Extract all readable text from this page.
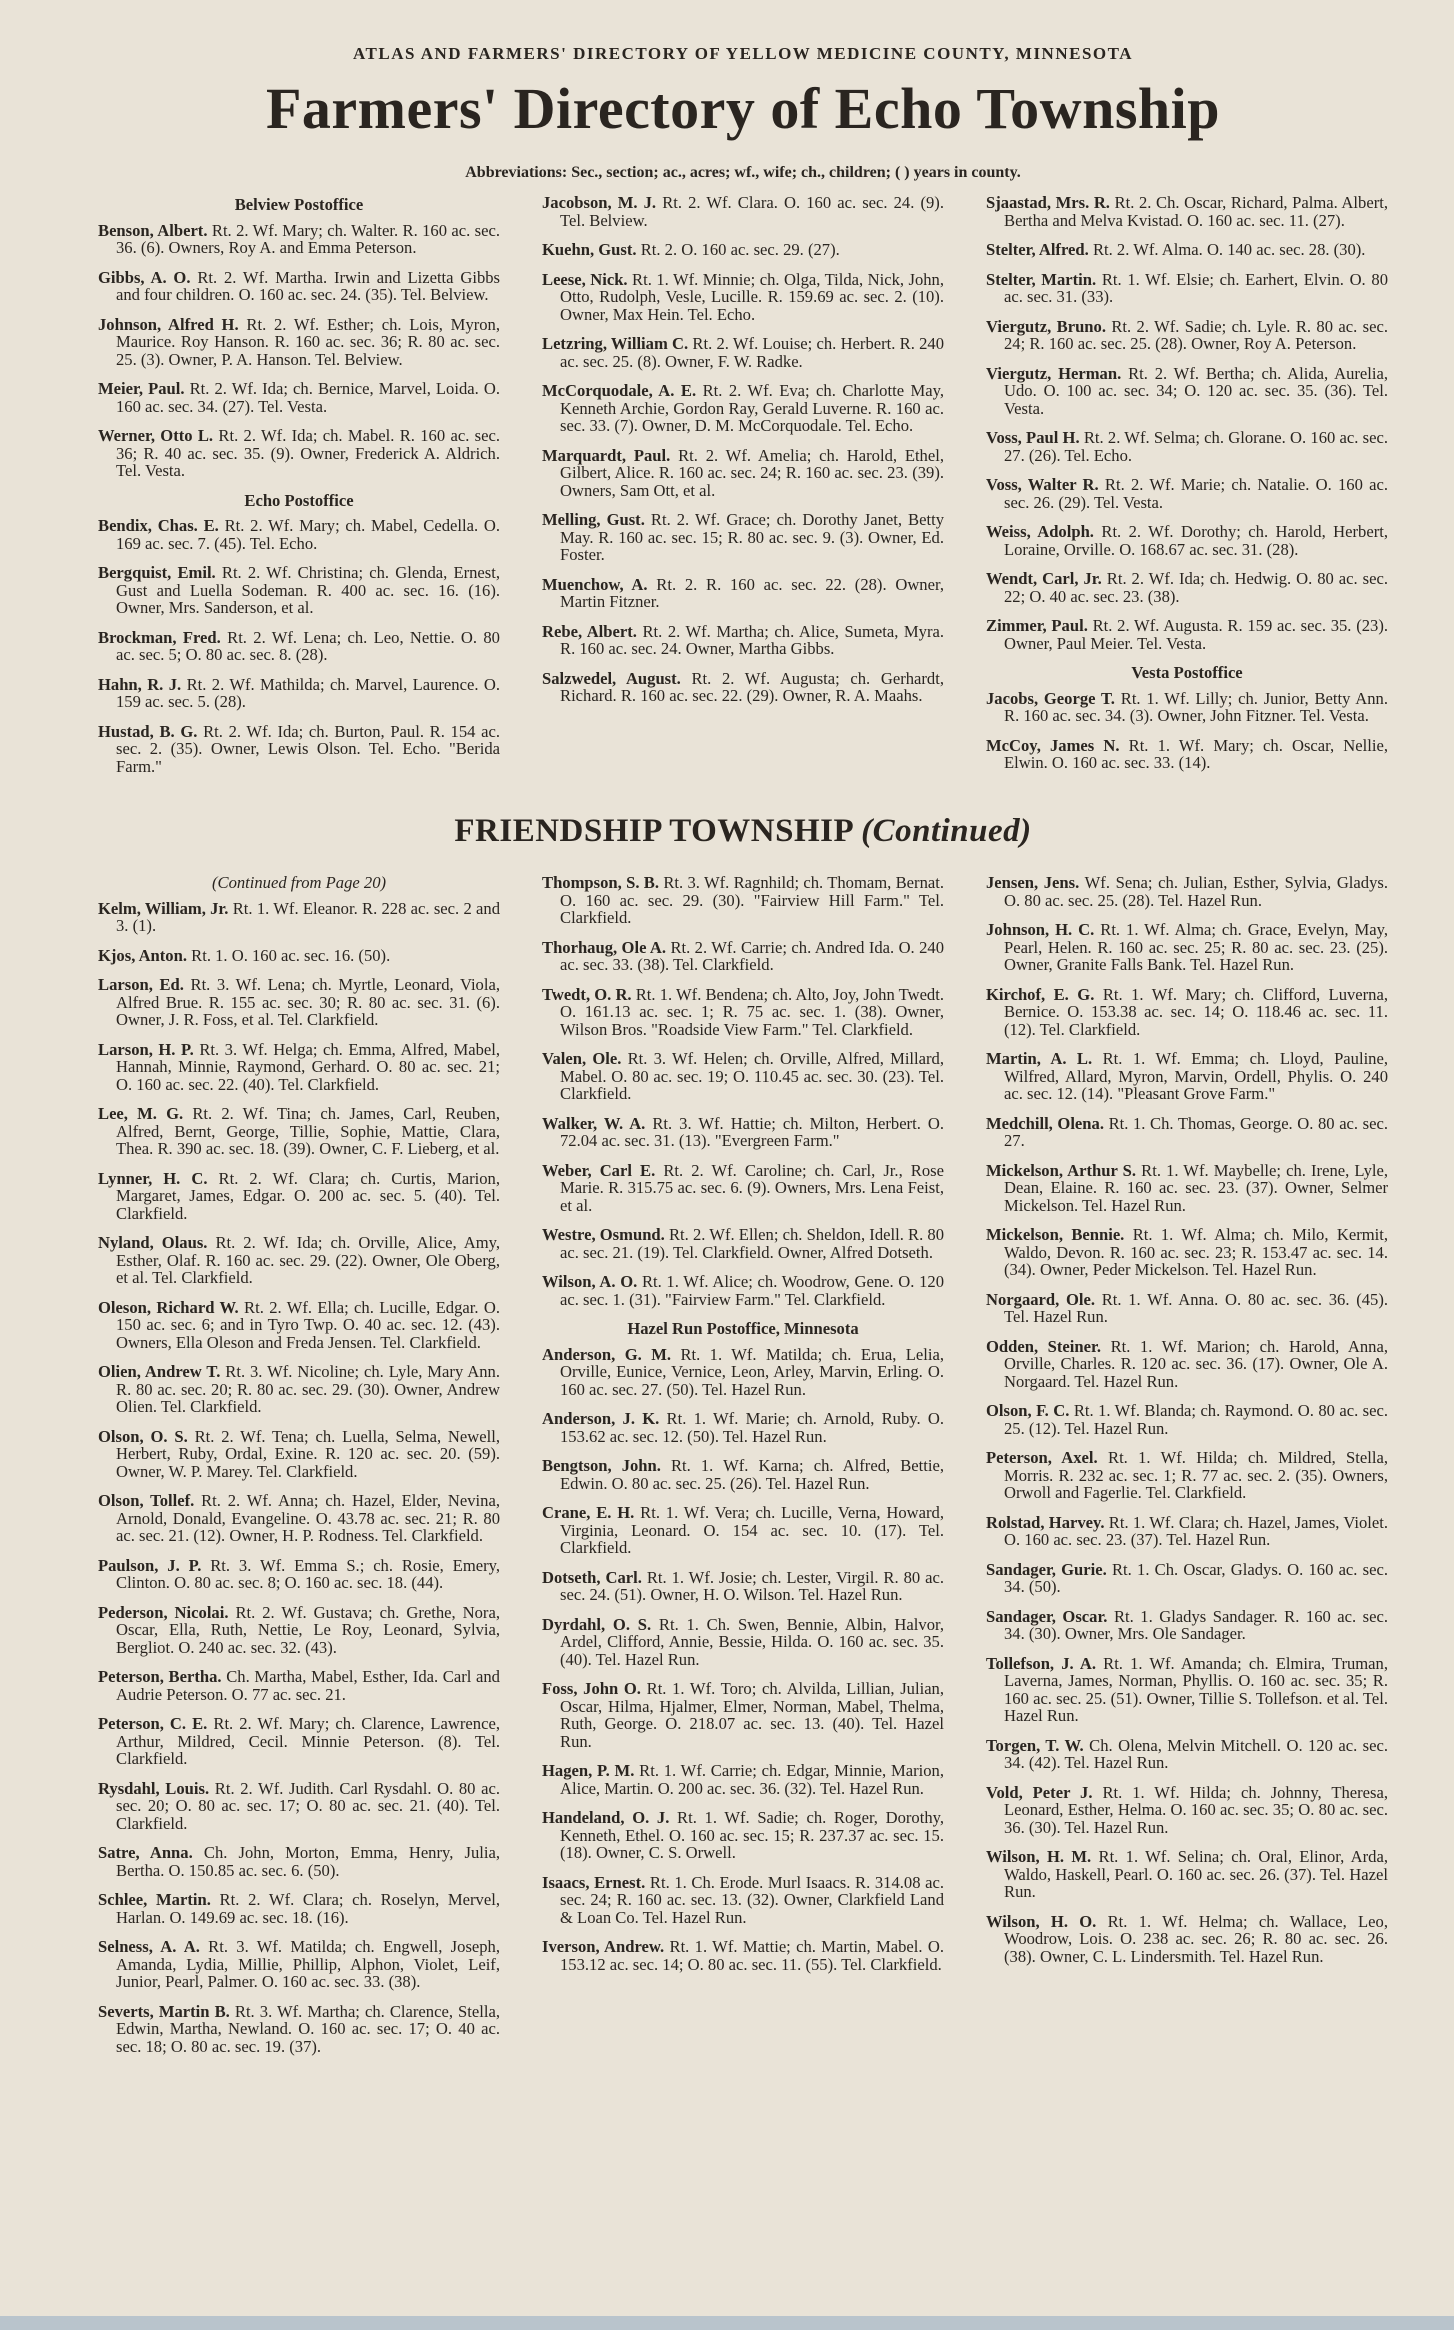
ATLAS AND FARMERS' DIRECTORY OF YELLOW MEDICINE COUNTY, MINNESOTA
Farmers' Directory of Echo Township
Abbreviations: Sec., section; ac., acres; wf., wife; ch., children; ( ) years in county.
Belview Postoffice

Benson, Albert. Rt. 2. Wf. Mary; ch. Walter. R. 160 ac. sec. 36. (6). Owners, Roy A. and Emma Peterson.

Gibbs, A. O. Rt. 2. Wf. Martha. Irwin and Lizetta Gibbs and four children. O. 160 ac. sec. 24. (35). Tel. Belview.

Johnson, Alfred H. Rt. 2. Wf. Esther; ch. Lois, Myron, Maurice. Roy Hanson. R. 160 ac. sec. 36; R. 80 ac. sec. 25. (3). Owner, P. A. Hanson. Tel. Belview.

Meier, Paul. Rt. 2. Wf. Ida; ch. Bernice, Marvel, Loida. O. 160 ac. sec. 34. (27). Tel. Vesta.

Werner, Otto L. Rt. 2. Wf. Ida; ch. Mabel. R. 160 ac. sec. 36; R. 40 ac. sec. 35. (9). Owner, Frederick A. Aldrich. Tel. Vesta.

Echo Postoffice

Bendix, Chas. E. Rt. 2. Wf. Mary; ch. Mabel, Cedella. O. 169 ac. sec. 7. (45). Tel. Echo.

Bergquist, Emil. Rt. 2. Wf. Christina; ch. Glenda, Ernest, Gust and Luella Sodeman. R. 400 ac. sec. 16. (16). Owner, Mrs. Sanderson, et al.

Brockman, Fred. Rt. 2. Wf. Lena; ch. Leo, Nettie. O. 80 ac. sec. 5; O. 80 ac. sec. 8. (28).

Hahn, R. J. Rt. 2. Wf. Mathilda; ch. Marvel, Laurence. O. 159 ac. sec. 5. (28).

Hustad, B. G. Rt. 2. Wf. Ida; ch. Burton, Paul. R. 154 ac. sec. 2. (35). Owner, Lewis Olson. Tel. Echo. "Berida Farm."

Jacobson, M. J. Rt. 2. Wf. Clara. O. 160 ac. sec. 24. (9). Tel. Belview.

Kuehn, Gust. Rt. 2. O. 160 ac. sec. 29. (27).

Leese, Nick. Rt. 1. Wf. Minnie; ch. Olga, Tilda, Nick, John, Otto, Rudolph, Vesle, Lucille. R. 159.69 ac. sec. 2. (10). Owner, Max Hein. Tel. Echo.

Letzring, William C. Rt. 2. Wf. Louise; ch. Herbert. R. 240 ac. sec. 25. (8). Owner, F. W. Radke.

McCorquodale, A. E. Rt. 2. Wf. Eva; ch. Charlotte May, Kenneth Archie, Gordon Ray, Gerald Luverne. R. 160 ac. sec. 33. (7). Owner, D. M. McCorquodale. Tel. Echo.

Marquardt, Paul. Rt. 2. Wf. Amelia; ch. Harold, Ethel, Gilbert, Alice. R. 160 ac. sec. 24; R. 160 ac. sec. 23. (39). Owners, Sam Ott, et al.

Melling, Gust. Rt. 2. Wf. Grace; ch. Dorothy Janet, Betty May. R. 160 ac. sec. 15; R. 80 ac. sec. 9. (3). Owner, Ed. Foster.

Muenchow, A. Rt. 2. R. 160 ac. sec. 22. (28). Owner, Martin Fitzner.

Rebe, Albert. Rt. 2. Wf. Martha; ch. Alice, Sumeta, Myra. R. 160 ac. sec. 24. Owner, Martha Gibbs.

Salzwedel, August. Rt. 2. Wf. Augusta; ch. Gerhardt, Richard. R. 160 ac. sec. 22. (29). Owner, R. A. Maahs.

Sjaastad, Mrs. R. Rt. 2. Ch. Oscar, Richard, Palma. Albert, Bertha and Melva Kvistad. O. 160 ac. sec. 11. (27).

Stelter, Alfred. Rt. 2. Wf. Alma. O. 140 ac. sec. 28. (30).

Stelter, Martin. Rt. 1. Wf. Elsie; ch. Earhert, Elvin. O. 80 ac. sec. 31. (33).

Viergutz, Bruno. Rt. 2. Wf. Sadie; ch. Lyle. R. 80 ac. sec. 24; R. 160 ac. sec. 25. (28). Owner, Roy A. Peterson.

Viergutz, Herman. Rt. 2. Wf. Bertha; ch. Alida, Aurelia, Udo. O. 100 ac. sec. 34; O. 120 ac. sec. 35. (36). Tel. Vesta.

Voss, Paul H. Rt. 2. Wf. Selma; ch. Glorane. O. 160 ac. sec. 27. (26). Tel. Echo.

Voss, Walter R. Rt. 2. Wf. Marie; ch. Natalie. O. 160 ac. sec. 26. (29). Tel. Vesta.

Weiss, Adolph. Rt. 2. Wf. Dorothy; ch. Harold, Herbert, Loraine, Orville. O. 168.67 ac. sec. 31. (28).

Wendt, Carl, Jr. Rt. 2. Wf. Ida; ch. Hedwig. O. 80 ac. sec. 22; O. 40 ac. sec. 23. (38).

Zimmer, Paul. Rt. 2. Wf. Augusta. R. 159 ac. sec. 35. (23). Owner, Paul Meier. Tel. Vesta.

Vesta Postoffice

Jacobs, George T. Rt. 1. Wf. Lilly; ch. Junior, Betty Ann. R. 160 ac. sec. 34. (3). Owner, John Fitzner. Tel. Vesta.

McCoy, James N. Rt. 1. Wf. Mary; ch. Oscar, Nellie, Elwin. O. 160 ac. sec. 33. (14).

FRIENDSHIP TOWNSHIP (Continued)
(Continued from Page 20)

Kelm, William, Jr. Rt. 1. Wf. Eleanor. R. 228 ac. sec. 2 and 3. (1).

Kjos, Anton. Rt. 1. O. 160 ac. sec. 16. (50).

Larson, Ed. Rt. 3. Wf. Lena; ch. Myrtle, Leonard, Viola, Alfred Brue. R. 155 ac. sec. 30; R. 80 ac. sec. 31. (6). Owner, J. R. Foss, et al. Tel. Clarkfield.

Larson, H. P. Rt. 3. Wf. Helga; ch. Emma, Alfred, Mabel, Hannah, Minnie, Raymond, Gerhard. O. 80 ac. sec. 21; O. 160 ac. sec. 22. (40). Tel. Clarkfield.

Lee, M. G. Rt. 2. Wf. Tina; ch. James, Carl, Reuben, Alfred, Bernt, George, Tillie, Sophie, Mattie, Clara, Thea. R. 390 ac. sec. 18. (39). Owner, C. F. Lieberg, et al.

Lynner, H. C. Rt. 2. Wf. Clara; ch. Curtis, Marion, Margaret, James, Edgar. O. 200 ac. sec. 5. (40). Tel. Clarkfield.

Nyland, Olaus. Rt. 2. Wf. Ida; ch. Orville, Alice, Amy, Esther, Olaf. R. 160 ac. sec. 29. (22). Owner, Ole Oberg, et al. Tel. Clarkfield.

Oleson, Richard W. Rt. 2. Wf. Ella; ch. Lucille, Edgar. O. 150 ac. sec. 6; and in Tyro Twp. O. 40 ac. sec. 12. (43). Owners, Ella Oleson and Freda Jensen. Tel. Clarkfield.

Olien, Andrew T. Rt. 3. Wf. Nicoline; ch. Lyle, Mary Ann. R. 80 ac. sec. 20; R. 80 ac. sec. 29. (30). Owner, Andrew Olien. Tel. Clarkfield.

Olson, O. S. Rt. 2. Wf. Tena; ch. Luella, Selma, Newell, Herbert, Ruby, Ordal, Exine. R. 120 ac. sec. 20. (59). Owner, W. P. Marey. Tel. Clarkfield.

Olson, Tollef. Rt. 2. Wf. Anna; ch. Hazel, Elder, Nevina, Arnold, Donald, Evangeline. O. 43.78 ac. sec. 21; R. 80 ac. sec. 21. (12). Owner, H. P. Rodness. Tel. Clarkfield.

Paulson, J. P. Rt. 3. Wf. Emma S.; ch. Rosie, Emery, Clinton. O. 80 ac. sec. 8; O. 160 ac. sec. 18. (44).

Pederson, Nicolai. Rt. 2. Wf. Gustava; ch. Grethe, Nora, Oscar, Ella, Ruth, Nettie, Le Roy, Leonard, Sylvia, Bergliot. O. 240 ac. sec. 32. (43).

Peterson, Bertha. Ch. Martha, Mabel, Esther, Ida. Carl and Audrie Peterson. O. 77 ac. sec. 21.

Peterson, C. E. Rt. 2. Wf. Mary; ch. Clarence, Lawrence, Arthur, Mildred, Cecil. Minnie Peterson. (8). Tel. Clarkfield.

Rysdahl, Louis. Rt. 2. Wf. Judith. Carl Rysdahl. O. 80 ac. sec. 20; O. 80 ac. sec. 17; O. 80 ac. sec. 21. (40). Tel. Clarkfield.

Satre, Anna. Ch. John, Morton, Emma, Henry, Julia, Bertha. O. 150.85 ac. sec. 6. (50).

Schlee, Martin. Rt. 2. Wf. Clara; ch. Roselyn, Mervel, Harlan. O. 149.69 ac. sec. 18. (16).

Selness, A. A. Rt. 3. Wf. Matilda; ch. Engwell, Joseph, Amanda, Lydia, Millie, Phillip, Alphon, Violet, Leif, Junior, Pearl, Palmer. O. 160 ac. sec. 33. (38).

Severts, Martin B. Rt. 3. Wf. Martha; ch. Clarence, Stella, Edwin, Martha, Newland. O. 160 ac. sec. 17; O. 40 ac. sec. 18; O. 80 ac. sec. 19. (37).

Thompson, S. B. Rt. 3. Wf. Ragnhild; ch. Thomam, Bernat. O. 160 ac. sec. 29. (30). "Fairview Hill Farm." Tel. Clarkfield.

Thorhaug, Ole A. Rt. 2. Wf. Carrie; ch. Andred Ida. O. 240 ac. sec. 33. (38). Tel. Clarkfield.

Twedt, O. R. Rt. 1. Wf. Bendena; ch. Alto, Joy, John Twedt. O. 161.13 ac. sec. 1; R. 75 ac. sec. 1. (38). Owner, Wilson Bros. "Roadside View Farm." Tel. Clarkfield.

Valen, Ole. Rt. 3. Wf. Helen; ch. Orville, Alfred, Millard, Mabel. O. 80 ac. sec. 19; O. 110.45 ac. sec. 30. (23). Tel. Clarkfield.

Walker, W. A. Rt. 3. Wf. Hattie; ch. Milton, Herbert. O. 72.04 ac. sec. 31. (13). "Evergreen Farm."

Weber, Carl E. Rt. 2. Wf. Caroline; ch. Carl, Jr., Rose Marie. R. 315.75 ac. sec. 6. (9). Owners, Mrs. Lena Feist, et al.

Westre, Osmund. Rt. 2. Wf. Ellen; ch. Sheldon, Idell. R. 80 ac. sec. 21. (19). Tel. Clarkfield. Owner, Alfred Dotseth.

Wilson, A. O. Rt. 1. Wf. Alice; ch. Woodrow, Gene. O. 120 ac. sec. 1. (31). "Fairview Farm." Tel. Clarkfield.

Hazel Run Postoffice, Minnesota

Anderson, G. M. Rt. 1. Wf. Matilda; ch. Erua, Lelia, Orville, Eunice, Vernice, Leon, Arley, Marvin, Erling. O. 160 ac. sec. 27. (50). Tel. Hazel Run.

Anderson, J. K. Rt. 1. Wf. Marie; ch. Arnold, Ruby. O. 153.62 ac. sec. 12. (50). Tel. Hazel Run.

Bengtson, John. Rt. 1. Wf. Karna; ch. Alfred, Bettie, Edwin. O. 80 ac. sec. 25. (26). Tel. Hazel Run.

Crane, E. H. Rt. 1. Wf. Vera; ch. Lucille, Verna, Howard, Virginia, Leonard. O. 154 ac. sec. 10. (17). Tel. Clarkfield.

Dotseth, Carl. Rt. 1. Wf. Josie; ch. Lester, Virgil. R. 80 ac. sec. 24. (51). Owner, H. O. Wilson. Tel. Hazel Run.

Dyrdahl, O. S. Rt. 1. Ch. Swen, Bennie, Albin, Halvor, Ardel, Clifford, Annie, Bessie, Hilda. O. 160 ac. sec. 35. (40). Tel. Hazel Run.

Foss, John O. Rt. 1. Wf. Toro; ch. Alvilda, Lillian, Julian, Oscar, Hilma, Hjalmer, Elmer, Norman, Mabel, Thelma, Ruth, George. O. 218.07 ac. sec. 13. (40). Tel. Hazel Run.

Hagen, P. M. Rt. 1. Wf. Carrie; ch. Edgar, Minnie, Marion, Alice, Martin. O. 200 ac. sec. 36. (32). Tel. Hazel Run.

Handeland, O. J. Rt. 1. Wf. Sadie; ch. Roger, Dorothy, Kenneth, Ethel. O. 160 ac. sec. 15; R. 237.37 ac. sec. 15. (18). Owner, C. S. Orwell.

Isaacs, Ernest. Rt. 1. Ch. Erode. Murl Isaacs. R. 314.08 ac. sec. 24; R. 160 ac. sec. 13. (32). Owner, Clarkfield Land & Loan Co. Tel. Hazel Run.

Iverson, Andrew. Rt. 1. Wf. Mattie; ch. Martin, Mabel. O. 153.12 ac. sec. 14; O. 80 ac. sec. 11. (55). Tel. Clarkfield.

Jensen, Jens. Wf. Sena; ch. Julian, Esther, Sylvia, Gladys. O. 80 ac. sec. 25. (28). Tel. Hazel Run.

Johnson, H. C. Rt. 1. Wf. Alma; ch. Grace, Evelyn, May, Pearl, Helen. R. 160 ac. sec. 25; R. 80 ac. sec. 23. (25). Owner, Granite Falls Bank. Tel. Hazel Run.

Kirchof, E. G. Rt. 1. Wf. Mary; ch. Clifford, Luverna, Bernice. O. 153.38 ac. sec. 14; O. 118.46 ac. sec. 11. (12). Tel. Clarkfield.

Martin, A. L. Rt. 1. Wf. Emma; ch. Lloyd, Pauline, Wilfred, Allard, Myron, Marvin, Ordell, Phylis. O. 240 ac. sec. 12. (14). "Pleasant Grove Farm."

Medchill, Olena. Rt. 1. Ch. Thomas, George. O. 80 ac. sec. 27.

Mickelson, Arthur S. Rt. 1. Wf. Maybelle; ch. Irene, Lyle, Dean, Elaine. R. 160 ac. sec. 23. (37). Owner, Selmer Mickelson. Tel. Hazel Run.

Mickelson, Bennie. Rt. 1. Wf. Alma; ch. Milo, Kermit, Waldo, Devon. R. 160 ac. sec. 23; R. 153.47 ac. sec. 14. (34). Owner, Peder Mickelson. Tel. Hazel Run.

Norgaard, Ole. Rt. 1. Wf. Anna. O. 80 ac. sec. 36. (45). Tel. Hazel Run.

Odden, Steiner. Rt. 1. Wf. Marion; ch. Harold, Anna, Orville, Charles. R. 120 ac. sec. 36. (17). Owner, Ole A. Norgaard. Tel. Hazel Run.

Olson, F. C. Rt. 1. Wf. Blanda; ch. Raymond. O. 80 ac. sec. 25. (12). Tel. Hazel Run.

Peterson, Axel. Rt. 1. Wf. Hilda; ch. Mildred, Stella, Morris. R. 232 ac. sec. 1; R. 77 ac. sec. 2. (35). Owners, Orwoll and Fagerlie. Tel. Clarkfield.

Rolstad, Harvey. Rt. 1. Wf. Clara; ch. Hazel, James, Violet. O. 160 ac. sec. 23. (37). Tel. Hazel Run.

Sandager, Gurie. Rt. 1. Ch. Oscar, Gladys. O. 160 ac. sec. 34. (50).

Sandager, Oscar. Rt. 1. Gladys Sandager. R. 160 ac. sec. 34. (30). Owner, Mrs. Ole Sandager.

Tollefson, J. A. Rt. 1. Wf. Amanda; ch. Elmira, Truman, Laverna, James, Norman, Phyllis. O. 160 ac. sec. 35; R. 160 ac. sec. 25. (51). Owner, Tillie S. Tollefson. et al. Tel. Hazel Run.

Torgen, T. W. Ch. Olena, Melvin Mitchell. O. 120 ac. sec. 34. (42). Tel. Hazel Run.

Vold, Peter J. Rt. 1. Wf. Hilda; ch. Johnny, Theresa, Leonard, Esther, Helma. O. 160 ac. sec. 35; O. 80 ac. sec. 36. (30). Tel. Hazel Run.

Wilson, H. M. Rt. 1. Wf. Selina; ch. Oral, Elinor, Arda, Waldo, Haskell, Pearl. O. 160 ac. sec. 26. (37). Tel. Hazel Run.

Wilson, H. O. Rt. 1. Wf. Helma; ch. Wallace, Leo, Woodrow, Lois. O. 238 ac. sec. 26; R. 80 ac. sec. 26. (38). Owner, C. L. Lindersmith. Tel. Hazel Run.
